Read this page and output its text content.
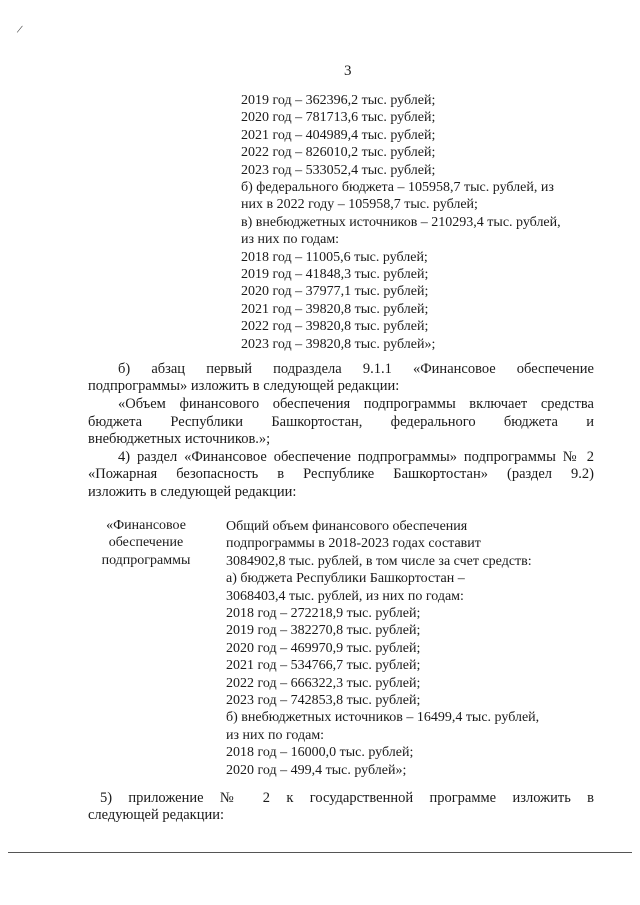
/
3
2019 год – 362396,2 тыс. рублей;
2020 год – 781713,6 тыс. рублей;
2021 год – 404989,4 тыс. рублей;
2022 год – 826010,2 тыс. рублей;
2023 год – 533052,4 тыс. рублей;
б) федерального бюджета – 105958,7 тыс. рублей, из
них в 2022 году – 105958,7 тыс. рублей;
в) внебюджетных источников – 210293,4 тыс. рублей,
из них по годам:
2018 год – 11005,6 тыс. рублей;
2019 год – 41848,3 тыс. рублей;
2020 год – 37977,1 тыс. рублей;
2021 год – 39820,8 тыс. рублей;
2022 год – 39820,8 тыс. рублей;
2023 год – 39820,8 тыс. рублей»;
б) абзац первый подраздела 9.1.1 «Финансовое обеспечение
подпрограммы» изложить в следующей редакции:
«Объем финансового обеспечения подпрограммы включает средства
бюджета Республики Башкортостан, федерального бюджета и
внебюджетных источников.»;
4) раздел «Финансовое обеспечение подпрограммы» подпрограммы № 2
«Пожарная безопасность в Республике Башкортостан» (раздел 9.2)
изложить в следующей редакции:
«Финансовое обеспечение подпрограммы
Общий объем финансового обеспечения
подпрограммы в 2018-2023 годах составит
3084902,8 тыс. рублей, в том числе за счет средств:
а) бюджета Республики Башкортостан –
3068403,4 тыс. рублей, из них по годам:
2018 год – 272218,9 тыс. рублей;
2019 год – 382270,8 тыс. рублей;
2020 год – 469970,9 тыс. рублей;
2021 год – 534766,7 тыс. рублей;
2022 год – 666322,3 тыс. рублей;
2023 год – 742853,8 тыс. рублей;
б) внебюджетных источников – 16499,4 тыс. рублей,
из них по годам:
2018 год – 16000,0 тыс. рублей;
2020 год – 499,4 тыс. рублей»;
5) приложение № 2 к государственной программе изложить в
следующей редакции:
